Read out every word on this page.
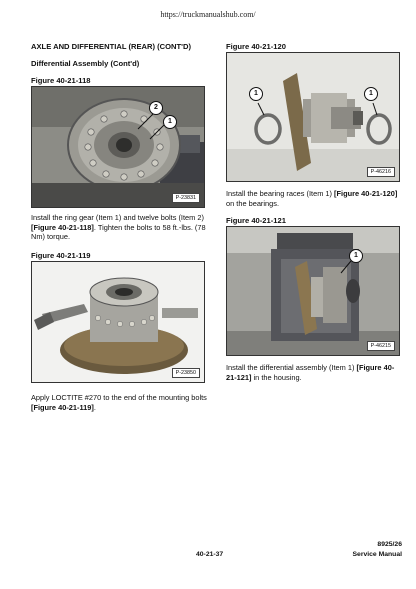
https://truckmanualshub.com/
AXLE AND DIFFERENTIAL (REAR) (CONT'D)
Differential Assembly (Cont'd)
Figure 40-21-118
2
1
P-23831
Install the ring gear (Item 1) and twelve bolts (Item 2) [Figure 40-21-118]. Tighten the bolts to 58 ft.-lbs. (78 Nm) torque.
Figure 40-21-119
P-23850
Apply LOCTITE #270 to the end of the mounting bolts [Figure 40-21-119].
Figure 40-21-120
1	1
P-46216
Install the bearing races (Item 1) [Figure 40-21-120] on the bearings.
Figure 40-21-121
1
P-46215
Install the differential assembly (Item 1) [Figure 40-21-121] in the housing.
40-21-37
8925/26
Service Manual
